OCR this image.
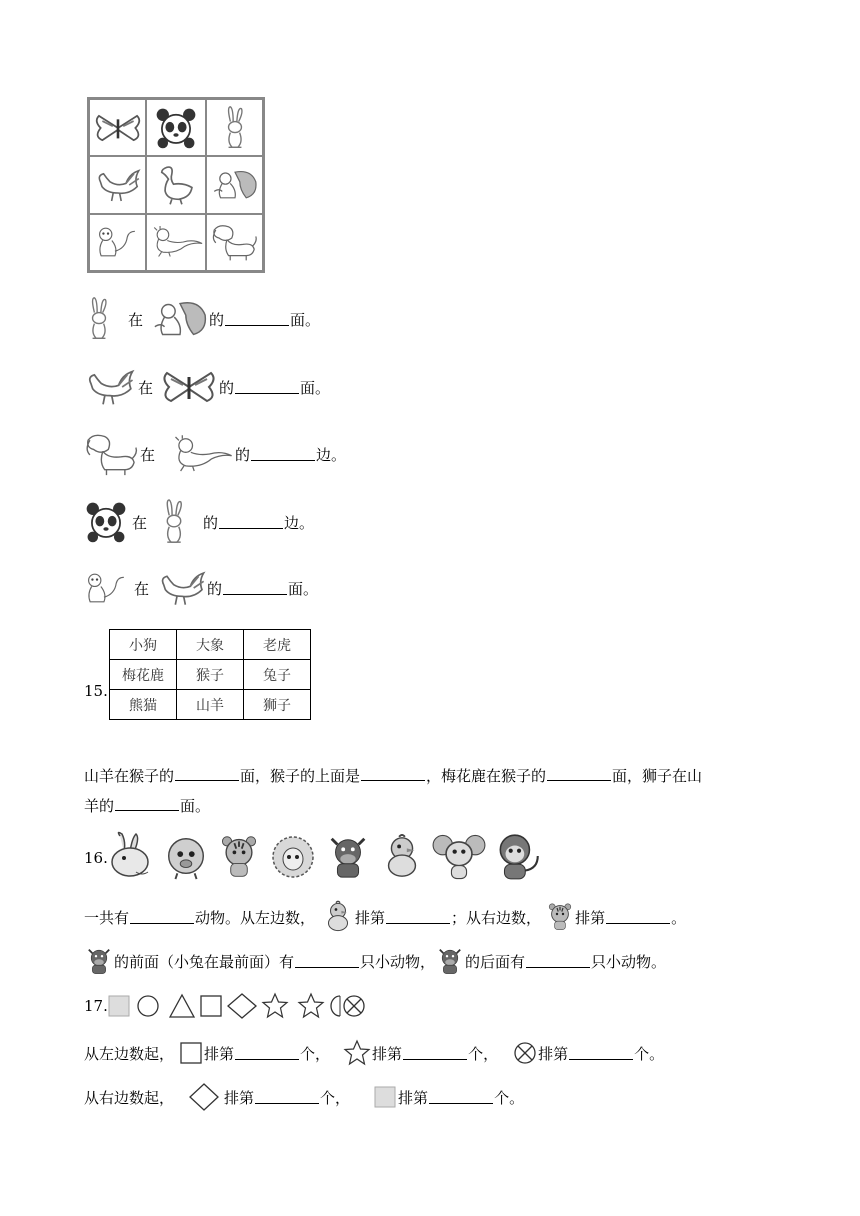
在	的	面。
在	的	面。
在	的	边。
在	的	边。
在	的	面。
15.
小狗	大象	老虎
梅花鹿	猴子	兔子
熊猫	山羊	狮子
山羊在猴子的	面，猴子的上面是	，梅花鹿在猴子的	面，狮子在山
羊的	面。
16.
一共有	动物。从左边数，	排第	；从右边数， 排第	。
的前面（小兔在最前面）有	只小动物， 的后面有	只小动物。
17.
从左边数起， 排第	个，	排第	个，	排第	个。
从右边数起，	排第	个，	排第	个。
